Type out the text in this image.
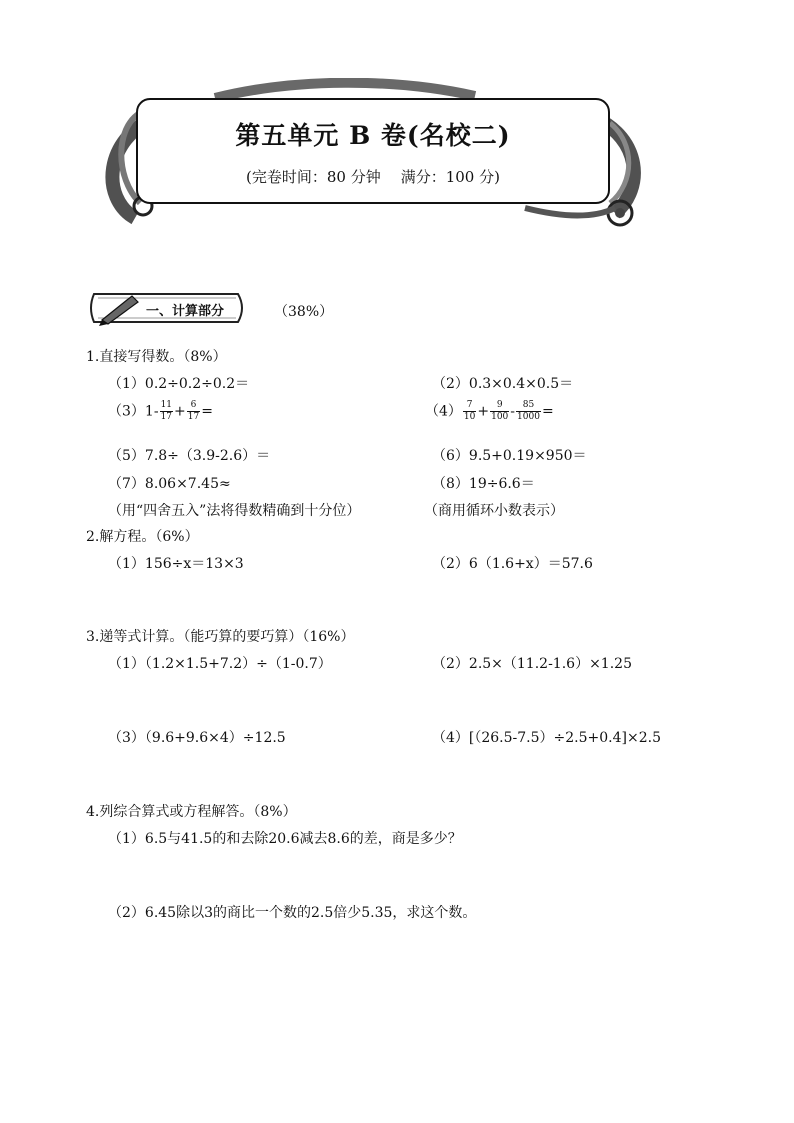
第五单元 B 卷(名校二)
(完卷时间：80 分钟 满分：100 分)
一、计算部分	（38%）
1.直接写得数。（8%）
（1）0.2÷0.2÷0.2＝	（2）0.3×0.4×0.5＝
$(3)1- \frac{11}{17} + \frac{6}{17}$ =	$(4) \frac{7}{10} + \frac{9}{100} - \frac{85}{1000}$ =
（5）7.8÷（3.9-2.6）＝	（6）9.5+0.19×950＝
（7）8.06×7.45≈	（8）19÷6.6＝
（用“四舍五入”法将得数精确到十分位）	（商用循环小数表示）
2.解方程。（6%）
（1）156÷x＝13×3	（2）6（1.6+x）＝57.6
3.递等式计算。（能巧算的要巧算）（16%）
（1）（1.2×1.5+7.2）÷（1-0.7）	（2）2.5×（11.2-1.6）×1.25
（3）（9.6+9.6×4）÷12.5	（4）[（26.5-7.5）÷2.5+0.4]×2.5
4.列综合算式或方程解答。（8%）
（1）6.5与41.5的和去除20.6减去8.6的差，商是多少？
（2）6.45除以3的商比一个数的2.5倍少5.35，求这个数。
